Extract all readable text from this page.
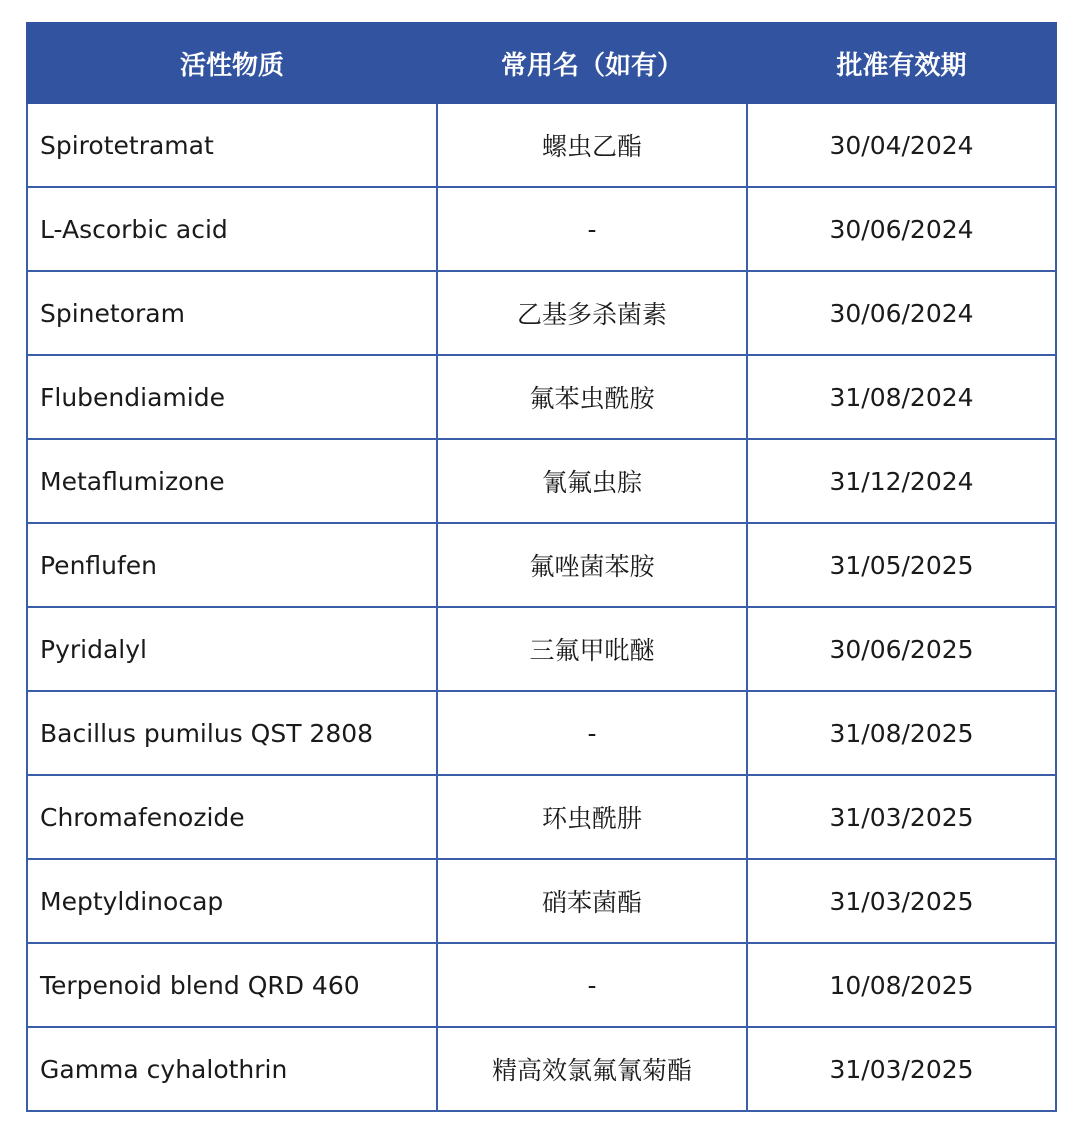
活性物质	常用名（如有）	批准有效期
Spirotetramat	螺虫乙酯	30/04/2024
L-Ascorbic acid	-	30/06/2024
Spinetoram	乙基多杀菌素	30/06/2024
Flubendiamide	氟苯虫酰胺	31/08/2024
Metaflumizone	氰氟虫腙	31/12/2024
Penflufen	氟唑菌苯胺	31/05/2025
Pyridalyl	三氟甲吡醚	30/06/2025
Bacillus pumilus QST 2808	-	31/08/2025
Chromafenozide	环虫酰肼	31/03/2025
Meptyldinocap	硝苯菌酯	31/03/2025
Terpenoid blend QRD 460	-	10/08/2025
Gamma cyhalothrin	精高效氯氟氰菊酯	31/03/2025
